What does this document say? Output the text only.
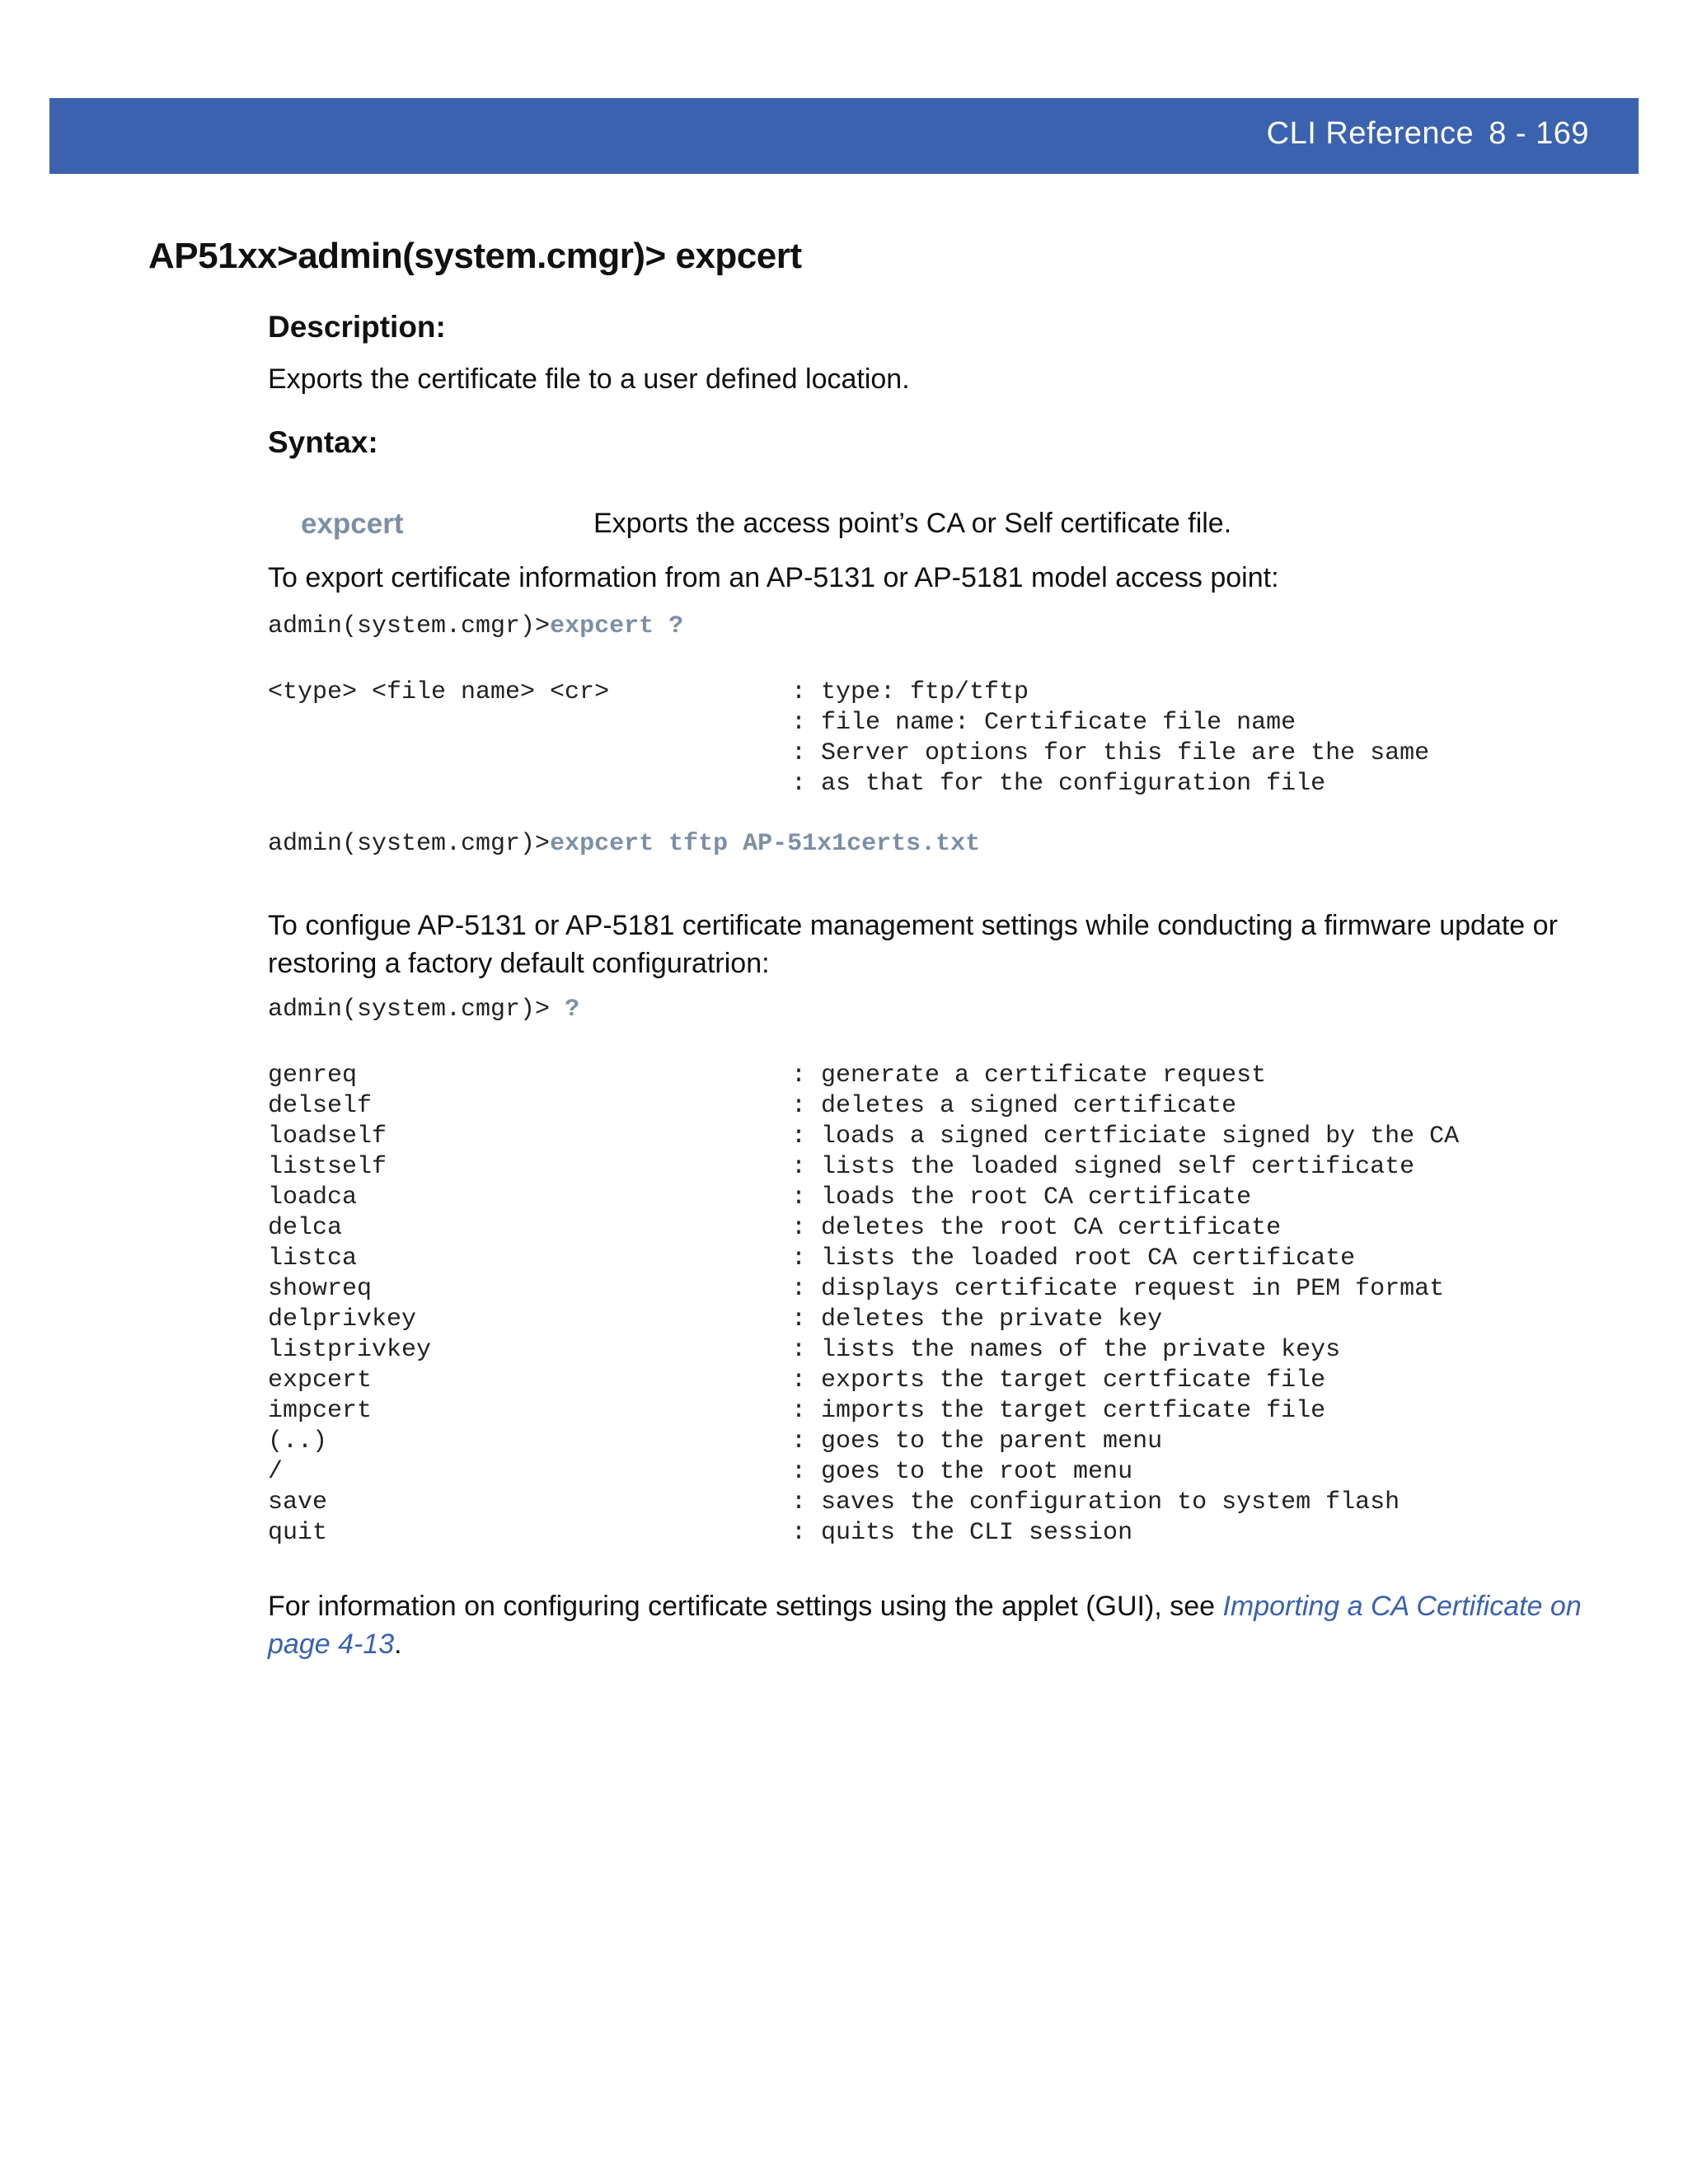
CLI Reference 8 - 169
AP51xx>admin(system.cmgr)> expcert
Description:

Exports the certificate file to a user defined location.

Syntax:
expcert	Exports the access point’s CA or Self certificate file.

To export certificate information from an AP-5131 or AP-5181 model access point:

admin(system.cmgr)>expcert ?
<type> <file name> <cr>	: type: ftp/tftp
: file name: Certificate file name
: Server options for this file are the same
: as that for the configuration file
admin(system.cmgr)>expcert tftp AP-51x1certs.txt

To configue AP-5131 or AP-5181 certificate management settings while conducting a firmware update or restoring a factory default configuratrion:

admin(system.cmgr)> ?
genreq	: generate a certificate request
delself	: deletes a signed certificate
loadself	: loads a signed certficiate signed by the CA
listself	: lists the loaded signed self certificate
loadca	: loads the root CA certificate
delca	: deletes the root CA certificate
listca	: lists the loaded root CA certificate
showreq	: displays certificate request in PEM format
delprivkey	: deletes the private key
listprivkey	: lists the names of the private keys
expcert	: exports the target certficate file
impcert	: imports the target certficate file
(..)	: goes to the parent menu
/	: goes to the root menu
save	: saves the configuration to system flash
quit	: quits the CLI session

For information on configuring certificate settings using the applet (GUI), see Importing a CA Certificate on page 4-13.
